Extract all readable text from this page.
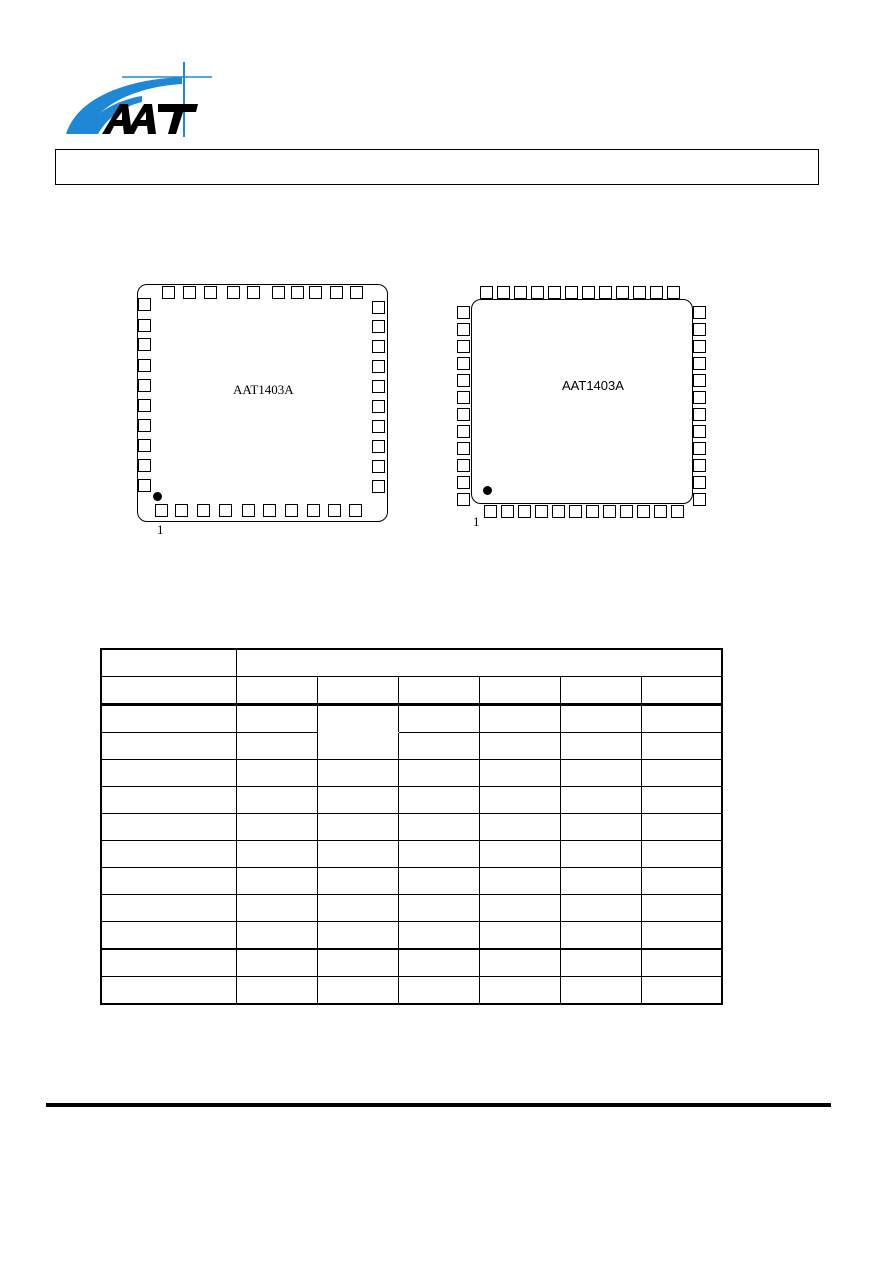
AAT1403A
1
AAT1403A
1
